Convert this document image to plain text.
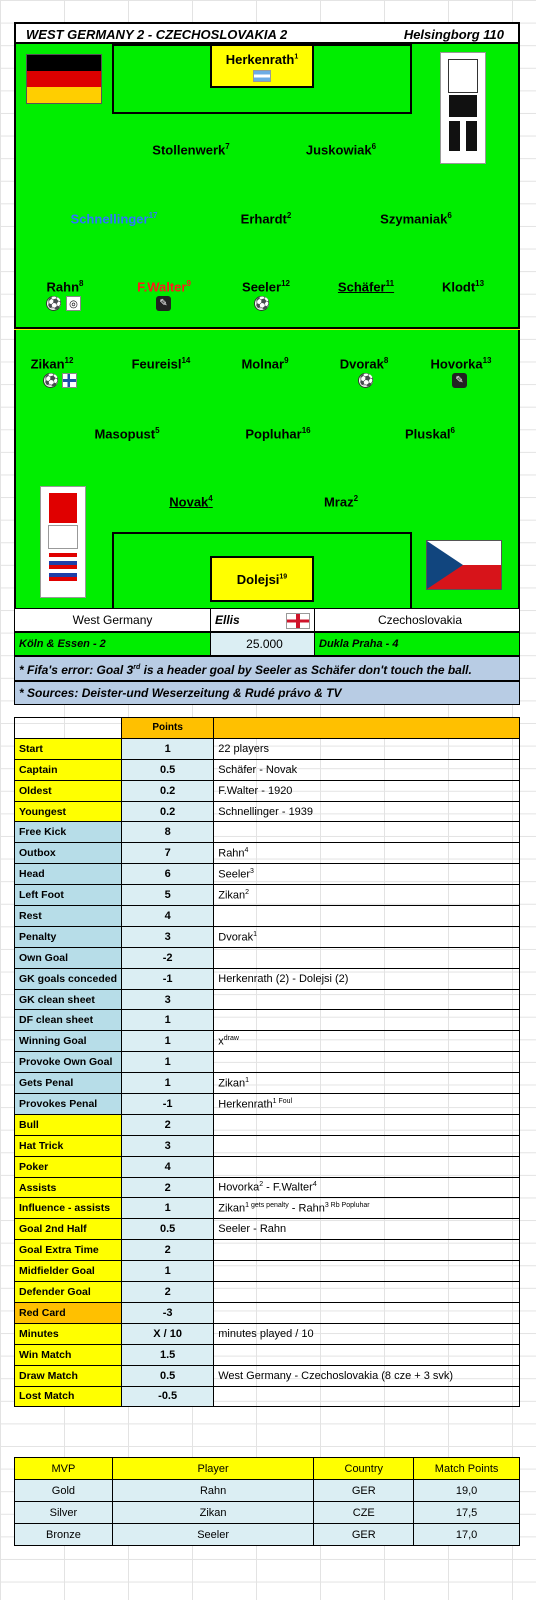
WEST GERMANY 2 - CZECHOSLOVAKIA 2	Helsingborg 110
Herkenrath$^1$
Stollenwerk$^7$	Juskowiak$^6$
Schnellinger$^{17}$	Erhardt$^2$	Szymaniak$^6$
Rahn$^8$	F.Walter$^9$	Seeler$^{12}$	Schäfer$^{11}$	Klodt$^{13}$
⚽ ◎	✎	⚽
Zikan$^{12}$	Feureisl$^{14}$	Molnar$^9$	Dvorak$^8$	Hovorka$^{13}$
⚽	⚽	✎
Masopust$^5$	Popluhar$^{16}$	Pluskal$^6$
Novak$^4$	Mraz$^2$
Dolejsi$^{19}$
West Germany	Ellis	Czechoslovakia
Köln & Essen - 2	25.000	Dukla Praha - 4
* Fifa's error: Goal 3rd is a header goal by Seeler as Schäfer don't touch the ball.
* Sources: Deister-und Weserzeitung & Rudé právo & TV
	Points	
Start	1	22 players
Captain	0.5	Schäfer - Novak
Oldest	0.2	F.Walter - 1920
Youngest	0.2	Schnellinger - 1939
Free Kick	8	
Outbox	7	Rahn$^4$
Head	6	Seeler$^3$
Left Foot	5	Zikan$^2$
Rest	4	
Penalty	3	Dvorak$^1$
Own Goal	-2	
GK goals conceded	-1	Herkenrath (2) - Dolejsi (2)
GK clean sheet	3	
DF clean sheet	1	
Winning Goal	1	$x^{draw}$
Provoke Own Goal	1	
Gets Penal	1	Zikan$^1$
Provokes Penal	-1	Herkenrath$^{1 Foul}$
Bull	2	
Hat Trick	3	
Poker	4	
Assists	2	Hovorka$^2$ - F.Walter$^4$
Influence - assists	1	Zikan$^{1 gets penalty}$ - Rahn$^{3 Rb Popluhar}$
Goal 2nd Half	0.5	Seeler - Rahn
Goal Extra Time	2	
Midfielder Goal	1	
Defender Goal	2	
Red Card	-3	
Minutes	X / 10	minutes played / 10
Win Match	1.5	
Draw Match	0.5	West Germany - Czechoslovakia (8 cze + 3 svk)
Lost Match	-0.5	
MVP	Player	Country	Match Points
Gold	Rahn	GER	19,0
Silver	Zikan	CZE	17,5
Bronze	Seeler	GER	17,0
